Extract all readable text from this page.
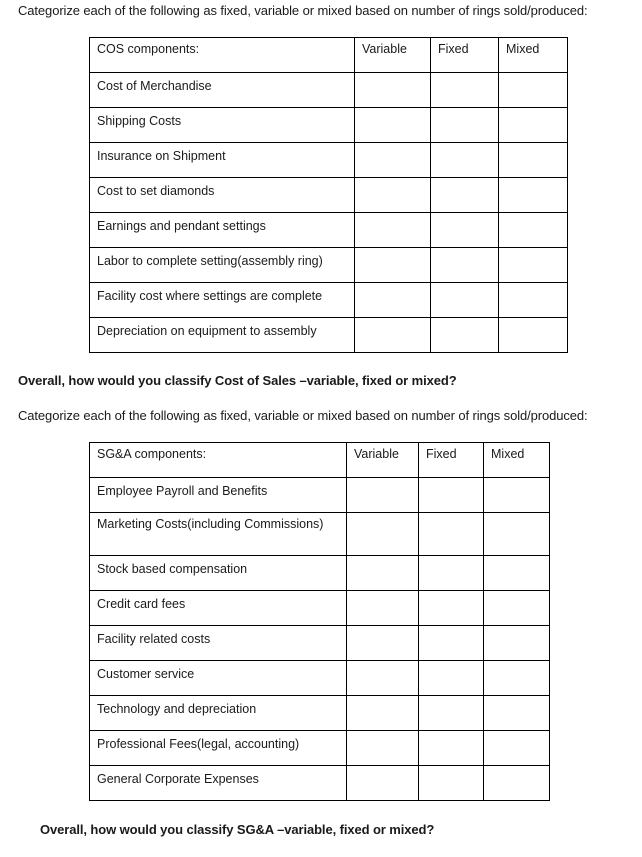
Categorize each of the following as fixed, variable or mixed based on number of rings sold/produced:
COS components:	Variable	Fixed	Mixed
Cost of Merchandise			
Shipping Costs			
Insurance on Shipment			
Cost to set diamonds			
Earnings and pendant settings			
Labor to complete setting(assembly ring)			
Facility cost where settings are complete			
Depreciation on equipment to assembly			
Overall, how would you classify Cost of Sales –variable, fixed or mixed?
Categorize each of the following as fixed, variable or mixed based on number of rings sold/produced:
SG&A components:	Variable	Fixed	Mixed
Employee Payroll and Benefits			
Marketing Costs(including Commissions)			
Stock based compensation			
Credit card fees			
Facility related costs			
Customer service			
Technology and depreciation			
Professional Fees(legal, accounting)			
General Corporate Expenses			
Overall, how would you classify SG&A –variable, fixed or mixed?
